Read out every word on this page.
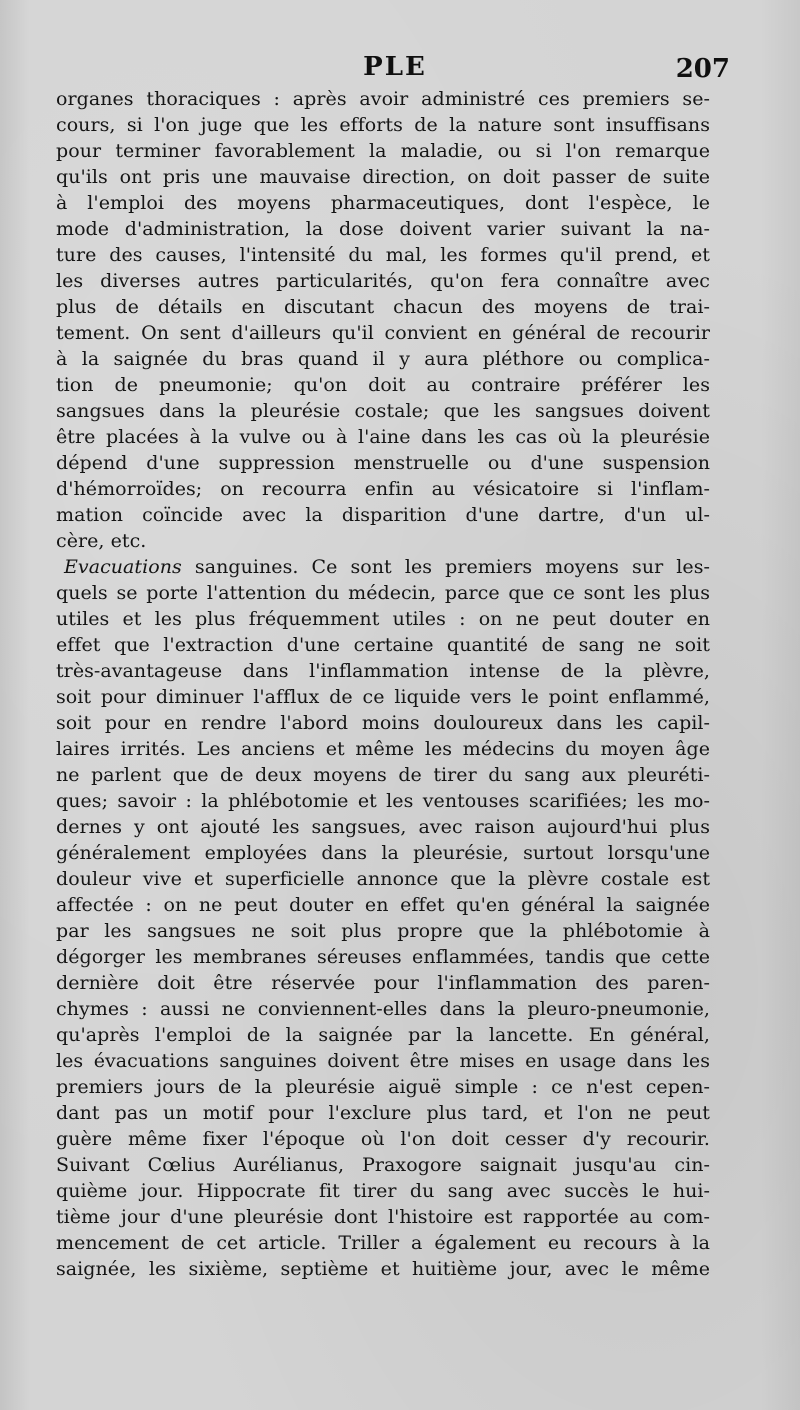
PLE	207
organes thoraciques : après avoir administré ces premiers se-
cours, si l'on juge que les efforts de la nature sont insuffisans
pour terminer favorablement la maladie, ou si l'on remarque
qu'ils ont pris une mauvaise direction, on doit passer de suite
à l'emploi des moyens pharmaceutiques, dont l'espèce, le
mode d'administration, la dose doivent varier suivant la na-
ture des causes, l'intensité du mal, les formes qu'il prend, et
les diverses autres particularités, qu'on fera connaître avec
plus de détails en discutant chacun des moyens de trai-
tement. On sent d'ailleurs qu'il convient en général de recourir
à la saignée du bras quand il y aura pléthore ou complica-
tion de pneumonie; qu'on doit au contraire préférer les
sangsues dans la pleurésie costale; que les sangsues doivent
être placées à la vulve ou à l'aine dans les cas où la pleurésie
dépend d'une suppression menstruelle ou d'une suspension
d'hémorroïdes; on recourra enfin au vésicatoire si l'inflam-
mation coïncide avec la disparition d'une dartre, d'un ul-
cère, etc.
Evacuations sanguines. Ce sont les premiers moyens sur les-
quels se porte l'attention du médecin, parce que ce sont les plus
utiles et les plus fréquemment utiles : on ne peut douter en
effet que l'extraction d'une certaine quantité de sang ne soit
très-avantageuse dans l'inflammation intense de la plèvre,
soit pour diminuer l'afflux de ce liquide vers le point enflammé,
soit pour en rendre l'abord moins douloureux dans les capil-
laires irrités. Les anciens et même les médecins du moyen âge
ne parlent que de deux moyens de tirer du sang aux pleuréti-
ques; savoir : la phlébotomie et les ventouses scarifiées; les mo-
dernes y ont ajouté les sangsues, avec raison aujourd'hui plus
généralement employées dans la pleurésie, surtout lorsqu'une
douleur vive et superficielle annonce que la plèvre costale est
affectée : on ne peut douter en effet qu'en général la saignée
par les sangsues ne soit plus propre que la phlébotomie à
dégorger les membranes séreuses enflammées, tandis que cette
dernière doit être réservée pour l'inflammation des paren-
chymes : aussi ne conviennent-elles dans la pleuro-pneumonie,
qu'après l'emploi de la saignée par la lancette. En général,
les évacuations sanguines doivent être mises en usage dans les
premiers jours de la pleurésie aiguë simple : ce n'est cepen-
dant pas un motif pour l'exclure plus tard, et l'on ne peut
guère même fixer l'époque où l'on doit cesser d'y recourir.
Suivant Cœlius Aurélianus, Praxogore saignait jusqu'au cin-
quième jour. Hippocrate fit tirer du sang avec succès le hui-
tième jour d'une pleurésie dont l'histoire est rapportée au com-
mencement de cet article. Triller a également eu recours à la
saignée, les sixième, septième et huitième jour, avec le même
